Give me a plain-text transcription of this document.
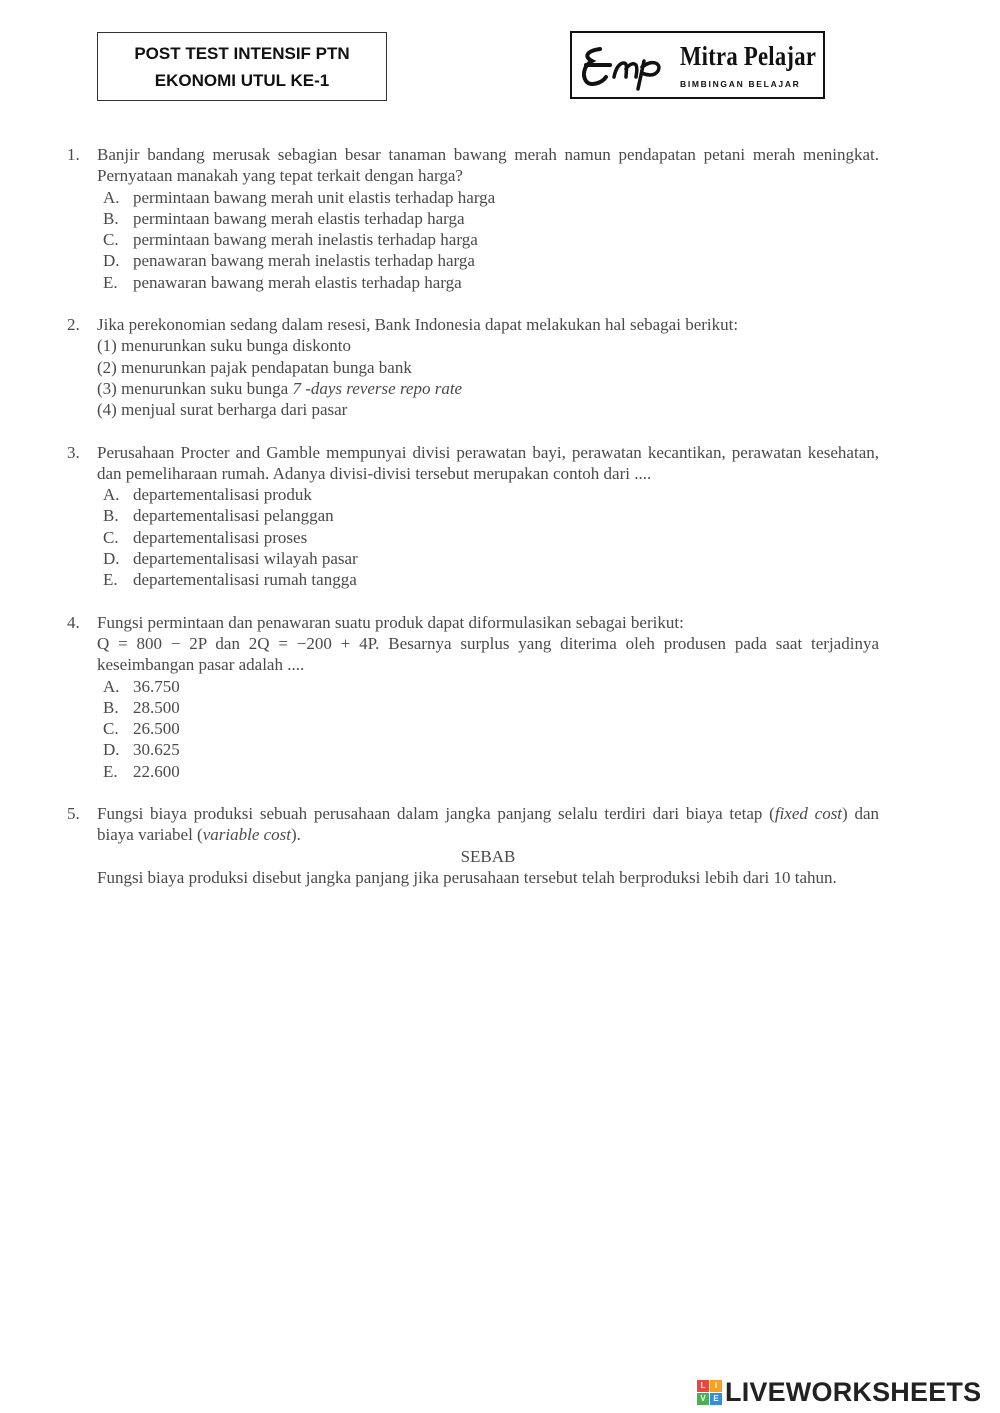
POST TEST INTENSIF PTN
EKONOMI UTUL KE-1
Mitra Pelajar
BIMBINGAN BELAJAR
1. Banjir bandang merusak sebagian besar tanaman bawang merah namun pendapatan petani merah meningkat. Pernyataan manakah yang tepat terkait dengan harga?
A. permintaan bawang merah unit elastis terhadap harga
B. permintaan bawang merah elastis terhadap harga
C. permintaan bawang merah inelastis terhadap harga
D. penawaran bawang merah inelastis terhadap harga
E. penawaran bawang merah elastis terhadap harga
2. Jika perekonomian sedang dalam resesi, Bank Indonesia dapat melakukan hal sebagai berikut:
(1) menurunkan suku bunga diskonto
(2) menurunkan pajak pendapatan bunga bank
(3) menurunkan suku bunga 7 -days reverse repo rate
(4) menjual surat berharga dari pasar
3. Perusahaan Procter and Gamble mempunyai divisi perawatan bayi, perawatan kecantikan, perawatan kesehatan, dan pemeliharaan rumah. Adanya divisi-divisi tersebut merupakan contoh dari ....
A. departementalisasi produk
B. departementalisasi pelanggan
C. departementalisasi proses
D. departementalisasi wilayah pasar
E. departementalisasi rumah tangga
4. Fungsi permintaan dan penawaran suatu produk dapat diformulasikan sebagai berikut:
Q = 800 − 2P dan 2Q = −200 + 4P. Besarnya surplus yang diterima oleh produsen pada saat terjadinya keseimbangan pasar adalah ....
A. 36.750
B. 28.500
C. 26.500
D. 30.625
E. 22.600
5. Fungsi biaya produksi sebuah perusahaan dalam jangka panjang selalu terdiri dari biaya tetap (fixed cost) dan biaya variabel (variable cost).
SEBAB
Fungsi biaya produksi disebut jangka panjang jika perusahaan tersebut telah berproduksi lebih dari 10 tahun.
L	I
V E LIVEWORKSHEETS
